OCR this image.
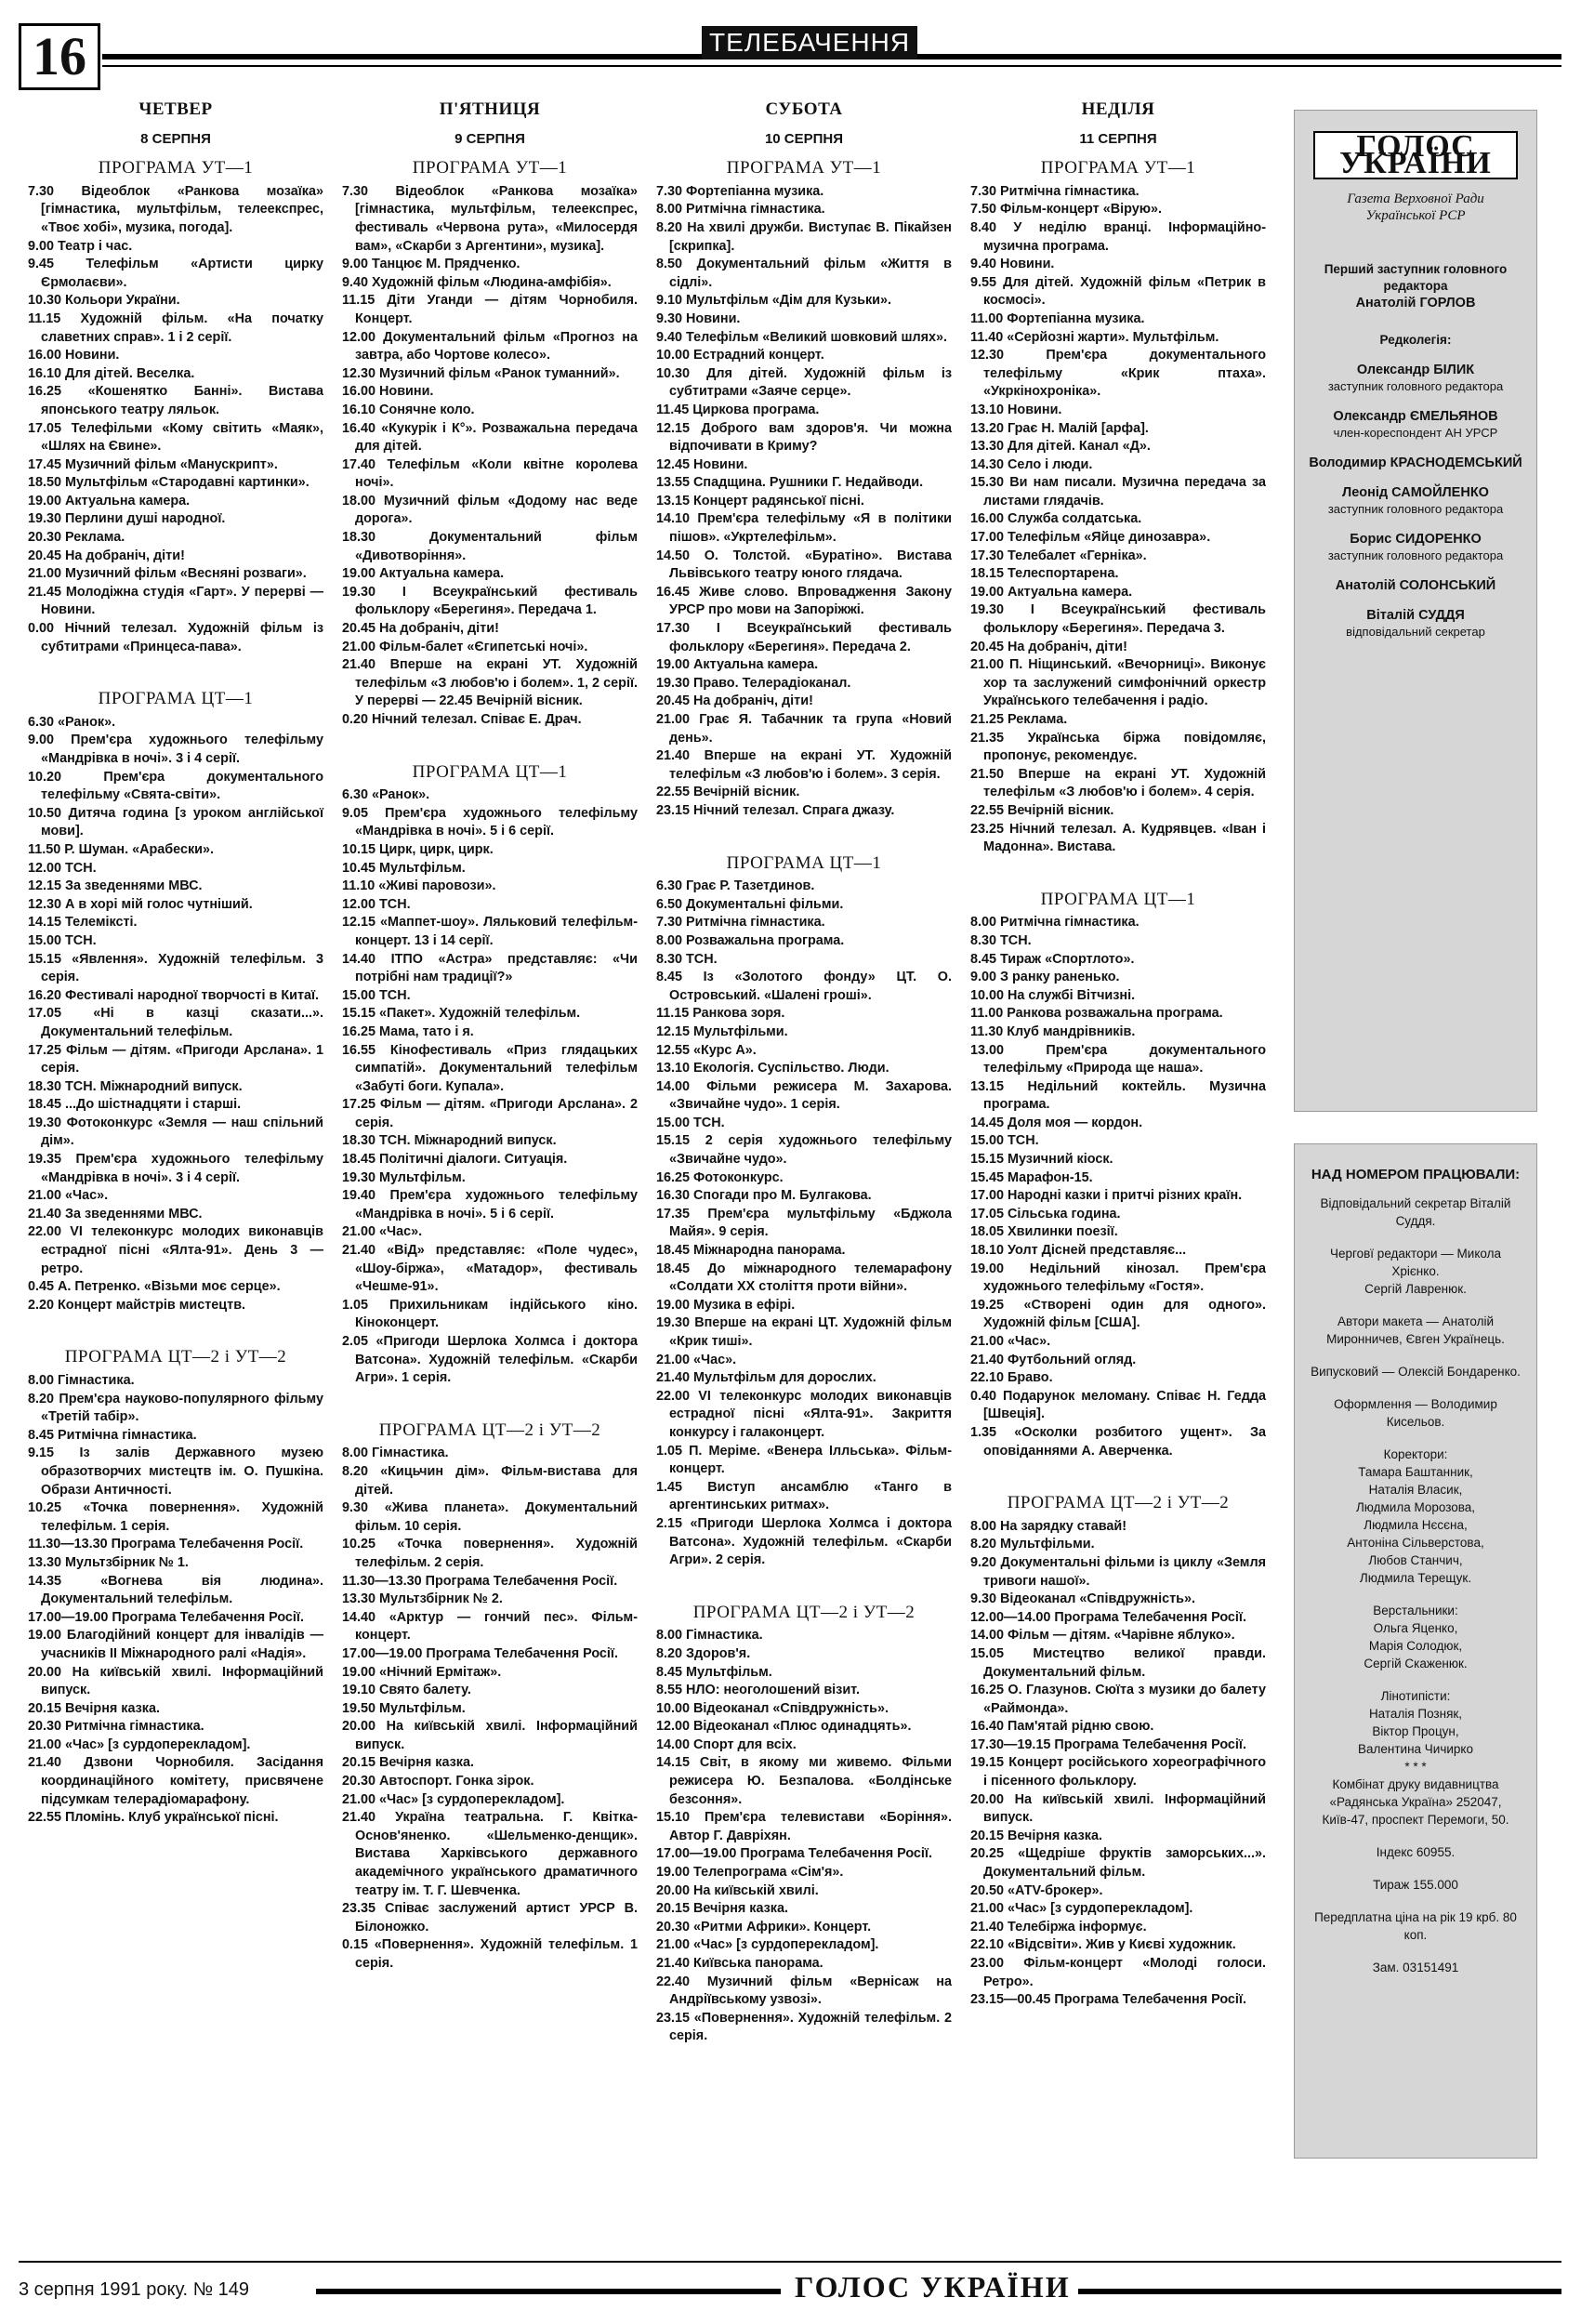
16	ТЕЛЕБАЧЕННЯ
ЧЕТВЕР
8 СЕРПНЯ
ПРОГРАМА УТ—1
7.30 Відеоблок «Ранкова мозаїка» [гімнастика, мультфільм, телеекспрес, «Твоє хобі», музика, погода].
9.00 Театр і час.
9.45 Телефільм «Артисти цирку Єрмолаєви».
10.30 Кольори України.
11.15 Художній фільм. «На початку славетних справ». 1 і 2 серії.
16.00 Новини.
16.10 Для дітей. Веселка.
16.25 «Кошенятко Банні». Вистава японського театру ляльок.
17.05 Телефільми «Кому світить «Маяк», «Шлях на Євине».
17.45 Музичний фільм «Манускрипт».
18.50 Мультфільм «Стародавні картинки».
19.00 Актуальна камера.
19.30 Перлини душі народної.
20.30 Реклама.
20.45 На добраніч, діти!
21.00 Музичний фільм «Весняні розваги».
21.45 Молодіжна студія «Гарт». У перерві — Новини.
0.00 Нічний телезал. Художній фільм із субтитрами «Принцеса-пава».
ПРОГРАМА ЦТ—1
6.30 «Ранок».
9.00 Прем'єра художнього телефільму «Мандрівка в ночі». 3 і 4 серії.
10.20 Прем'єра документального телефільму «Свята-світи».
10.50 Дитяча година [з уроком англійської мови].
11.50 Р. Шуман. «Арабески».
12.00 ТСН.
12.15 За зведеннями МВС.
12.30 А в хорі мій голос чутніший.
14.15 Телеміксті.
15.00 ТСН.
15.15 «Явлення». Художній телефільм. 3 серія.
16.20 Фестивалі народної творчості в Китаї.
17.05 «Ні в казці сказати...». Документальний телефільм.
17.25 Фільм — дітям. «Пригоди Арслана». 1 серія.
18.30 ТСН. Міжнародний випуск.
18.45 ...До шістнадцяти і старші.
19.30 Фотоконкурс «Земля — наш спільний дім».
19.35 Прем'єра художнього телефільму «Мандрівка в ночі». 3 і 4 серії.
21.00 «Час».
21.40 За зведеннями МВС.
22.00 VI телеконкурс молодих виконавців естрадної пісні «Ялта-91». День 3 — ретро.
0.45 А. Петренко. «Візьми моє серце».
2.20 Концерт майстрів мистецтв.
ПРОГРАМА ЦТ—2 і УТ—2
8.00 Гімнастика.
8.20 Прем'єра науково-популярного фільму «Третій табір».
8.45 Ритмічна гімнастика.
9.15 Із залів Державного музею образотворчих мистецтв ім. О. Пушкіна. Образи Античності.
10.25 «Точка повернення». Художній телефільм. 1 серія.
11.30—13.30 Програма Телебачення Росії.
13.30 Мультзбірник № 1.
14.35 «Вогнева вія людина». Документальний телефільм.
17.00—19.00 Програма Телебачення Росії.
19.00 Благодійний концерт для інвалідів — учасників II Міжнародного ралі «Надія».
20.00 На київській хвилі. Інформаційний випуск.
20.15 Вечірня казка.
20.30 Ритмічна гімнастика.
21.00 «Час» [з сурдоперекладом].
21.40 Дзвони Чорнобиля. Засідання координаційного комітету, присвячене підсумкам телерадіомарафону.
22.55 Пломінь. Клуб української пісні.
П'ЯТНИЦЯ
9 СЕРПНЯ
ПРОГРАМА УТ—1
7.30 Відеоблок «Ранкова мозаїка» [гімнастика, мультфільм, телеекспрес, фестиваль «Червона рута», «Милосердя вам», «Скарби з Аргентини», музика].
9.00 Танцює М. Прядченко.
9.40 Художній фільм «Людина-амфібія».
11.15 Діти Уганди — дітям Чорнобиля. Концерт.
12.00 Документальний фільм «Прогноз на завтра, або Чортове колесо».
12.30 Музичний фільм «Ранок туманний».
16.00 Новини.
16.10 Сонячне коло.
16.40 «Кукурік і К°». Розважальна передача для дітей.
17.40 Телефільм «Коли квітне королева ночі».
18.00 Музичний фільм «Додому нас веде дорога».
18.30 Документальний фільм «Дивотворіння».
19.00 Актуальна камера.
19.30 I Всеукраїнський фестиваль фольклору «Берегиня». Передача 1.
20.45 На добраніч, діти!
21.00 Фільм-балет «Єгипетські ночі».
21.40 Вперше на екрані УТ. Художній телефільм «З любов'ю і болем». 1, 2 серії. У перерві — 22.45 Вечірній вісник.
0.20 Нічний телезал. Співає Е. Драч.
ПРОГРАМА ЦТ—1
6.30 «Ранок».
9.05 Прем'єра художнього телефільму «Мандрівка в ночі». 5 і 6 серії.
10.15 Цирк, цирк, цирк.
10.45 Мультфільм.
11.10 «Живі паровози».
12.00 ТСН.
12.15 «Маппет-шоу». Ляльковий телефільм-концерт. 13 і 14 серії.
14.40 ІТПО «Астра» представляє: «Чи потрібні нам традиції?»
15.00 ТСН.
15.15 «Пакет». Художній телефільм.
16.25 Мама, тато і я.
16.55 Кінофестиваль «Приз глядацьких симпатій». Документальний телефільм «Забуті боги. Купала».
17.25 Фільм — дітям. «Пригоди Арслана». 2 серія.
18.30 ТСН. Міжнародний випуск.
18.45 Політичні діалоги. Ситуація.
19.30 Мультфільм.
19.40 Прем'єра художнього телефільму «Мандрівка в ночі». 5 і 6 серії.
21.00 «Час».
21.40 «ВіД» представляє: «Поле чудес», «Шоу-біржа», «Матадор», фестиваль «Чешме-91».
1.05 Прихильникам індійського кіно. Кіноконцерт.
2.05 «Пригоди Шерлока Холмса і доктора Ватсона». Художній телефільм. «Скарби Агри». 1 серія.
ПРОГРАМА ЦТ—2 і УТ—2
8.00 Гімнастика.
8.20 «Кицьчин дім». Фільм-вистава для дітей.
9.30 «Жива планета». Документальний фільм. 10 серія.
10.25 «Точка повернення». Художній телефільм. 2 серія.
11.30—13.30 Програма Телебачення Росії.
13.30 Мультзбірник № 2.
14.40 «Арктур — гончий пес». Фільм-концерт.
17.00—19.00 Програма Телебачення Росії.
19.00 «Нічний Ермітаж».
19.10 Свято балету.
19.50 Мультфільм.
20.00 На київській хвилі. Інформаційний випуск.
20.15 Вечірня казка.
20.30 Автоспорт. Гонка зірок.
21.00 «Час» [з сурдоперекладом].
21.40 Україна театральна. Г. Квітка-Основ'яненко. «Шельменко-денщик». Вистава Харківського державного академічного українського драматичного театру ім. Т. Г. Шевченка.
23.35 Співає заслужений артист УРСР В. Білоножко.
0.15 «Повернення». Художній телефільм. 1 серія.
СУБОТА
10 СЕРПНЯ
ПРОГРАМА УТ—1
7.30 Фортепіанна музика.
8.00 Ритмічна гімнастика.
8.20 На хвилі дружби. Виступає В. Пікайзен [скрипка].
8.50 Документальний фільм «Життя в сідлі».
9.10 Мультфільм «Дім для Кузьки».
9.30 Новини.
9.40 Телефільм «Великий шовковий шлях».
10.00 Естрадний концерт.
10.30 Для дітей. Художній фільм із субтитрами «Заяче серце».
11.45 Циркова програма.
12.15 Доброго вам здоров'я. Чи можна відпочивати в Криму?
12.45 Новини.
13.55 Спадщина. Рушники Г. Недайводи.
13.15 Концерт радянської пісні.
14.10 Прем'єра телефільму «Я в політики пішов». «Укртелефільм».
14.50 О. Толстой. «Буратіно». Вистава Львівського театру юного глядача.
16.45 Живе слово. Впровадження Закону УРСР про мови на Запоріжжі.
17.30 I Всеукраїнський фестиваль фольклору «Берегиня». Передача 2.
19.00 Актуальна камера.
19.30 Право. Телерадіоканал.
20.45 На добраніч, діти!
21.00 Грає Я. Табачник та група «Новий день».
21.40 Вперше на екрані УТ. Художній телефільм «З любов'ю і болем». 3 серія.
22.55 Вечірній вісник.
23.15 Нічний телезал. Спрага джазу.
ПРОГРАМА ЦТ—1
6.30 Грає Р. Тазетдинов.
6.50 Документальні фільми.
7.30 Ритмічна гімнастика.
8.00 Розважальна програма.
8.30 ТСН.
8.45 Із «Золотого фонду» ЦТ. О. Островський. «Шалені гроші».
11.15 Ранкова зоря.
12.15 Мультфільми.
12.55 «Курс А».
13.10 Екологія. Суспільство. Люди.
14.00 Фільми режисера М. Захарова. «Звичайне чудо». 1 серія.
15.00 ТСН.
15.15 2 серія художнього телефільму «Звичайне чудо».
16.25 Фотоконкурс.
16.30 Спогади про М. Булгакова.
17.35 Прем'єра мультфільму «Бджола Майя». 9 серія.
18.45 Міжнародна панорама.
18.45 До міжнародного телемарафону «Солдати XX століття проти війни».
19.00 Музика в ефірі.
19.30 Вперше на екрані ЦТ. Художній фільм «Крик тиші».
21.00 «Час».
21.40 Мультфільм для дорослих.
22.00 VI телеконкурс молодих виконавців естрадної пісні «Ялта-91». Закриття конкурсу і галаконцерт.
1.05 П. Меріме. «Венера Ілльська». Фільм-концерт.
1.45 Виступ ансамблю «Танго в аргентинських ритмах».
2.15 «Пригоди Шерлока Холмса і доктора Ватсона». Художній телефільм. «Скарби Агри». 2 серія.
ПРОГРАМА ЦТ—2 і УТ—2
8.00 Гімнастика.
8.20 Здоров'я.
8.45 Мультфільм.
8.55 НЛО: неоголошений візит.
10.00 Відеоканал «Співдружність».
12.00 Відеоканал «Плюс одинадцять».
14.00 Спорт для всіх.
14.15 Світ, в якому ми живемо. Фільми режисера Ю. Безпалова. «Болдінське безсоння».
15.10 Прем'єра телевистави «Боріння». Автор Г. Давріхян.
17.00—19.00 Програма Телебачення Росії.
19.00 Телепрограма «Сім'я».
20.00 На київській хвилі.
20.15 Вечірня казка.
20.30 «Ритми Африки». Концерт.
21.00 «Час» [з сурдоперекладом].
21.40 Київська панорама.
22.40 Музичний фільм «Вернісаж на Андріївському узвозі».
23.15 «Повернення». Художній телефільм. 2 серія.
НЕДІЛЯ
11 СЕРПНЯ
ПРОГРАМА УТ—1
7.30 Ритмічна гімнастика.
7.50 Фільм-концерт «Вірую».
8.40 У неділю вранці. Інформаційно-музична програма.
9.40 Новини.
9.55 Для дітей. Художній фільм «Петрик в космосі».
11.00 Фортепіанна музика.
11.40 «Серйозні жарти». Мультфільм.
12.30 Прем'єра документального телефільму «Крик птаха». «Укркінохроніка».
13.10 Новини.
13.20 Грає Н. Малій [арфа].
13.30 Для дітей. Канал «Д».
14.30 Село і люди.
15.30 Ви нам писали. Музична передача за листами глядачів.
16.00 Служба солдатська.
17.00 Телефільм «Яйце динозавра».
17.30 Телебалет «Герніка».
18.15 Телеспортарена.
19.00 Актуальна камера.
19.30 I Всеукраїнський фестиваль фольклору «Берегиня». Передача 3.
20.45 На добраніч, діти!
21.00 П. Ніщинський. «Вечорниці». Виконує хор та заслужений симфонічний оркестр Українського телебачення і радіо.
21.25 Реклама.
21.35 Українська біржа повідомляє, пропонує, рекомендує.
21.50 Вперше на екрані УТ. Художній телефільм «З любов'ю і болем». 4 серія.
22.55 Вечірній вісник.
23.25 Нічний телезал. А. Кудрявцев. «Іван і Мадонна». Вистава.
ПРОГРАМА ЦТ—1
8.00 Ритмічна гімнастика.
8.30 ТСН.
8.45 Тираж «Спортлото».
9.00 З ранку раненько.
10.00 На службі Вітчизні.
11.00 Ранкова розважальна програма.
11.30 Клуб мандрівників.
13.00 Прем'єра документального телефільму «Природа ще наша».
13.15 Недільний коктейль. Музична програма.
14.45 Доля моя — кордон.
15.00 ТСН.
15.15 Музичний кіоск.
15.45 Марафон-15.
17.00 Народні казки і притчі різних країн.
17.05 Сільська година.
18.05 Хвилинки поезії.
18.10 Уолт Дісней представляє...
19.00 Недільний кінозал. Прем'єра художнього телефільму «Гостя».
19.25 «Створені один для одного». Художній фільм [США].
21.00 «Час».
21.40 Футбольний огляд.
22.10 Браво.
0.40 Подарунок меломану. Співає Н. Гедда [Швеція].
1.35 «Осколки розбитого ущент». За оповіданнями А. Аверченка.
ПРОГРАМА ЦТ—2 і УТ—2
8.00 На зарядку ставай!
8.20 Мультфільми.
9.20 Документальні фільми із циклу «Земля тривоги нашої».
9.30 Відеоканал «Співдружність».
12.00—14.00 Програма Телебачення Росії.
14.00 Фільм — дітям. «Чарівне яблуко».
15.05 Мистецтво великої правди. Документальний фільм.
16.25 О. Глазунов. Сюїта з музики до балету «Раймонда».
16.40 Пам'ятай рідню свою.
17.30—19.15 Програма Телебачення Росії.
19.15 Концерт російського хореографічного і пісенного фольклору.
20.00 На київській хвилі. Інформаційний випуск.
20.15 Вечірня казка.
20.25 «Щедріше фруктів заморських...». Документальний фільм.
20.50 «АТV-брокер».
21.00 «Час» [з сурдоперекладом].
21.40 Телебіржа інформує.
22.10 «Відсвіти». Жив у Києві художник.
23.00 Фільм-концерт «Молоді голоси. Ретро».
23.15—00.45 Програма Телебачення Росії.
ГОЛОС УКРАЇНИ
Газета Верховної Ради Української РСР
Перший заступник головного редактора
Анатолій ГОРЛОВ
Редколегія:
Олександр БІЛИК
заступник головного редактора
Олександр ЄМЕЛЬЯНОВ
член-кореспондент АН УРСР
Володимир КРАСНОДЕМСЬКИЙ
Леонід САМОЙЛЕНКО
заступник головного редактора
Борис СИДОРЕНКО
заступник головного редактора
Анатолій СОЛОНСЬКИЙ
Віталій СУДДЯ
відповідальний секретар
НАД НОМЕРОМ ПРАЦЮВАЛИ:
Відповідальний секретар Віталій Суддя.
Черговї редактори — Микола Хрієнко.
Сергій Лавренюк.
Автори макета — Анатолій Миронничев, Євген Українець.
Випусковий — Олексій Бондаренко.
Оформлення — Володимир Кисельов.
Коректори:
Тамара Баштанник,
Наталія Власик,
Людмила Морозова,
Людмила Нєсєна,
Антоніна Сільверстова,
Любов Станчич,
Людмила Терещук.
Верстальники:
Ольга Яценко,
Марія Солодюк,
Сергій Скаженюк.
Лінотипісти:
Наталія Позняк,
Віктор Процун,
Валентина Чичирко
* * *
Комбінат друку видавництва «Радянська Україна» 252047, Київ-47, проспект Перемоги, 50.
Індекс 60955.
Тираж 155.000
Передплатна ціна на рік 19 крб. 80 коп.
Зам. 03151491
3 серпня 1991 року. № 149	ГОЛОС УКРАЇНИ
